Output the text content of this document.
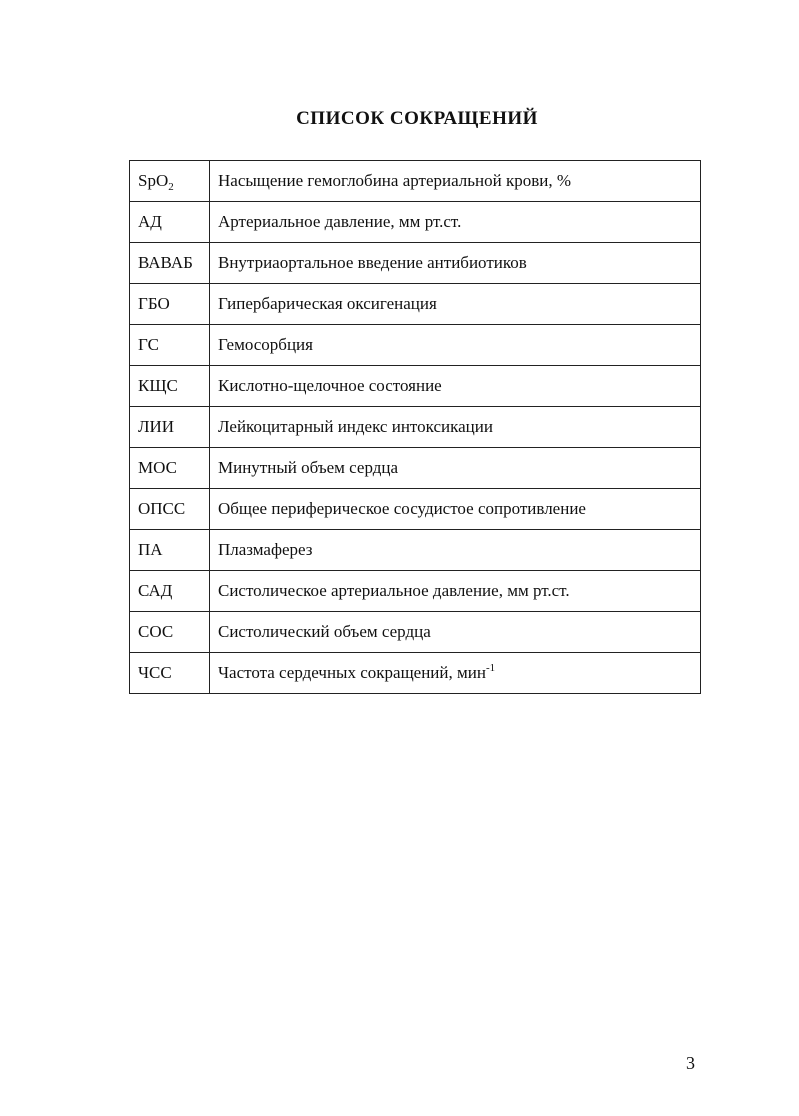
СПИСОК СОКРАЩЕНИЙ
SpO$_2$	Насыщение гемоглобина артериальной крови, %
АД	Артериальное давление, мм рт.ст.
ВАВАБ	Внутриаортальное введение антибиотиков
ГБО	Гипербарическая оксигенация
ГС	Гемосорбция
КЩС	Кислотно-щелочное состояние
ЛИИ	Лейкоцитарный индекс интоксикации
МОС	Минутный объем сердца
ОПСС	Общее периферическое сосудистое сопротивление
ПА	Плазмаферез
САД	Систолическое артериальное давление, мм рт.ст.
СОС	Систолический объем сердца
ЧСС	Частота сердечных сокращений, мин$^{-1}$
3
